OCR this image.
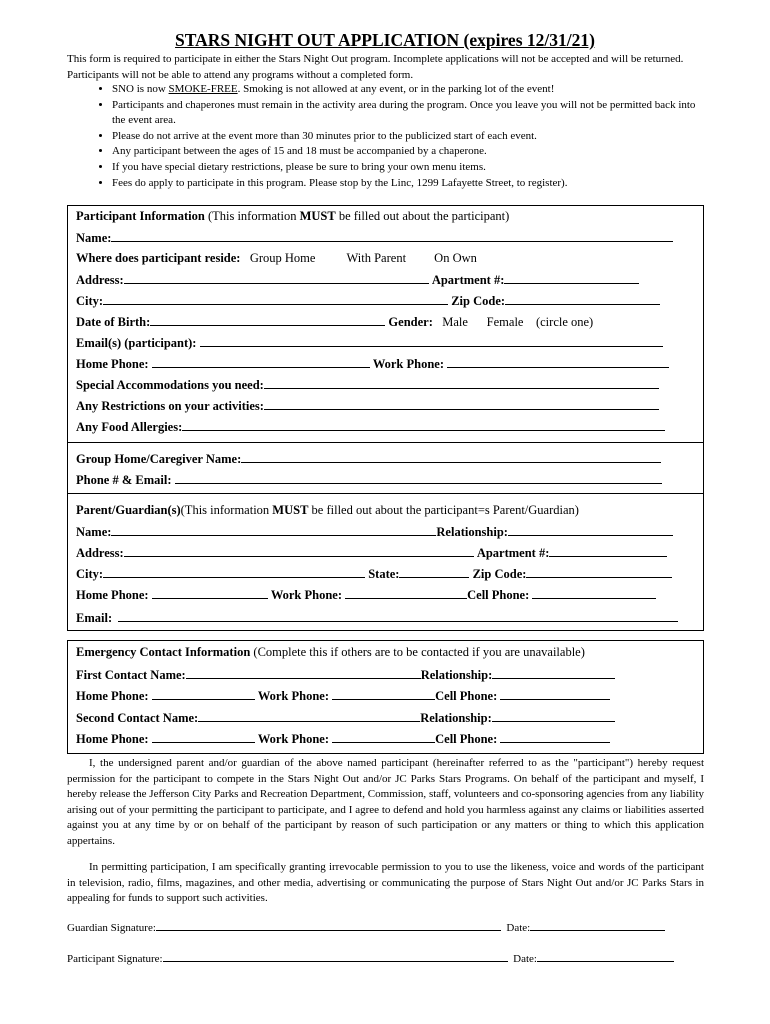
STARS NIGHT OUT APPLICATION (expires 12/31/21)

This form is required to participate in either the Stars Night Out program. Incomplete applications will not be accepted and will be returned. Participants will not be able to attend any programs without a completed form.

• SNO is now SMOKE-FREE. Smoking is not allowed at any event, or in the parking lot of the event!
• Participants and chaperones must remain in the activity area during the program. Once you leave you will not be permitted back into the event area.
• Please do not arrive at the event more than 30 minutes prior to the publicized start of each event.
• Any participant between the ages of 15 and 18 must be accompanied by a chaperone.
• If you have special dietary restrictions, please be sure to bring your own menu items.
• Fees do apply to participate in this program. Please stop by the Linc, 1299 Lafayette Street, to register).
Participant Information (This information MUST be filled out about the participant)
Name:
Where does participant reside: Group Home With Parent On Own
Address:	Apartment #:
City:	Zip Code:
Date of Birth:	Gender: Male Female (circle one)
Email(s) (participant):
Home Phone:	Work Phone:
Special Accommodations you need:
Any Restrictions on your activities:
Any Food Allergies:
Group Home/Caregiver Name:
Phone # & Email:
Parent/Guardian(s)(This information MUST be filled out about the participant=s Parent/Guardian)
Name:	Relationship:
Address:	Apartment #:
City:	State:	Zip Code:
Home Phone:	Work Phone:	Cell Phone:
Email:
Emergency Contact Information (Complete this if others are to be contacted if you are unavailable)
First Contact Name:	Relationship:
Home Phone:	Work Phone:	Cell Phone:
Second Contact Name:	Relationship:
Home Phone:	Work Phone:	Cell Phone:

I, the undersigned parent and/or guardian of the above named participant (hereinafter referred to as the "participant") hereby request permission for the participant to compete in the Stars Night Out and/or JC Parks Stars Programs. On behalf of the participant and myself, I hereby release the Jefferson City Parks and Recreation Department, Commission, staff, volunteers and co-sponsoring agencies from any liability arising out of your permitting the participant to participate, and I agree to defend and hold you harmless against any claims or liabilities asserted against you at any time by or on behalf of the participant by reason of such participation or any matters or thing to which this application appertains.

In permitting participation, I am specifically granting irrevocable permission to you to use the likeness, voice and words of the participant in television, radio, films, magazines, and other media, advertising or communicating the purpose of Stars Night Out and/or JC Parks Stars in appealing for funds to support such activities.

Guardian Signature:	Date:
Participant Signature:	Date:
